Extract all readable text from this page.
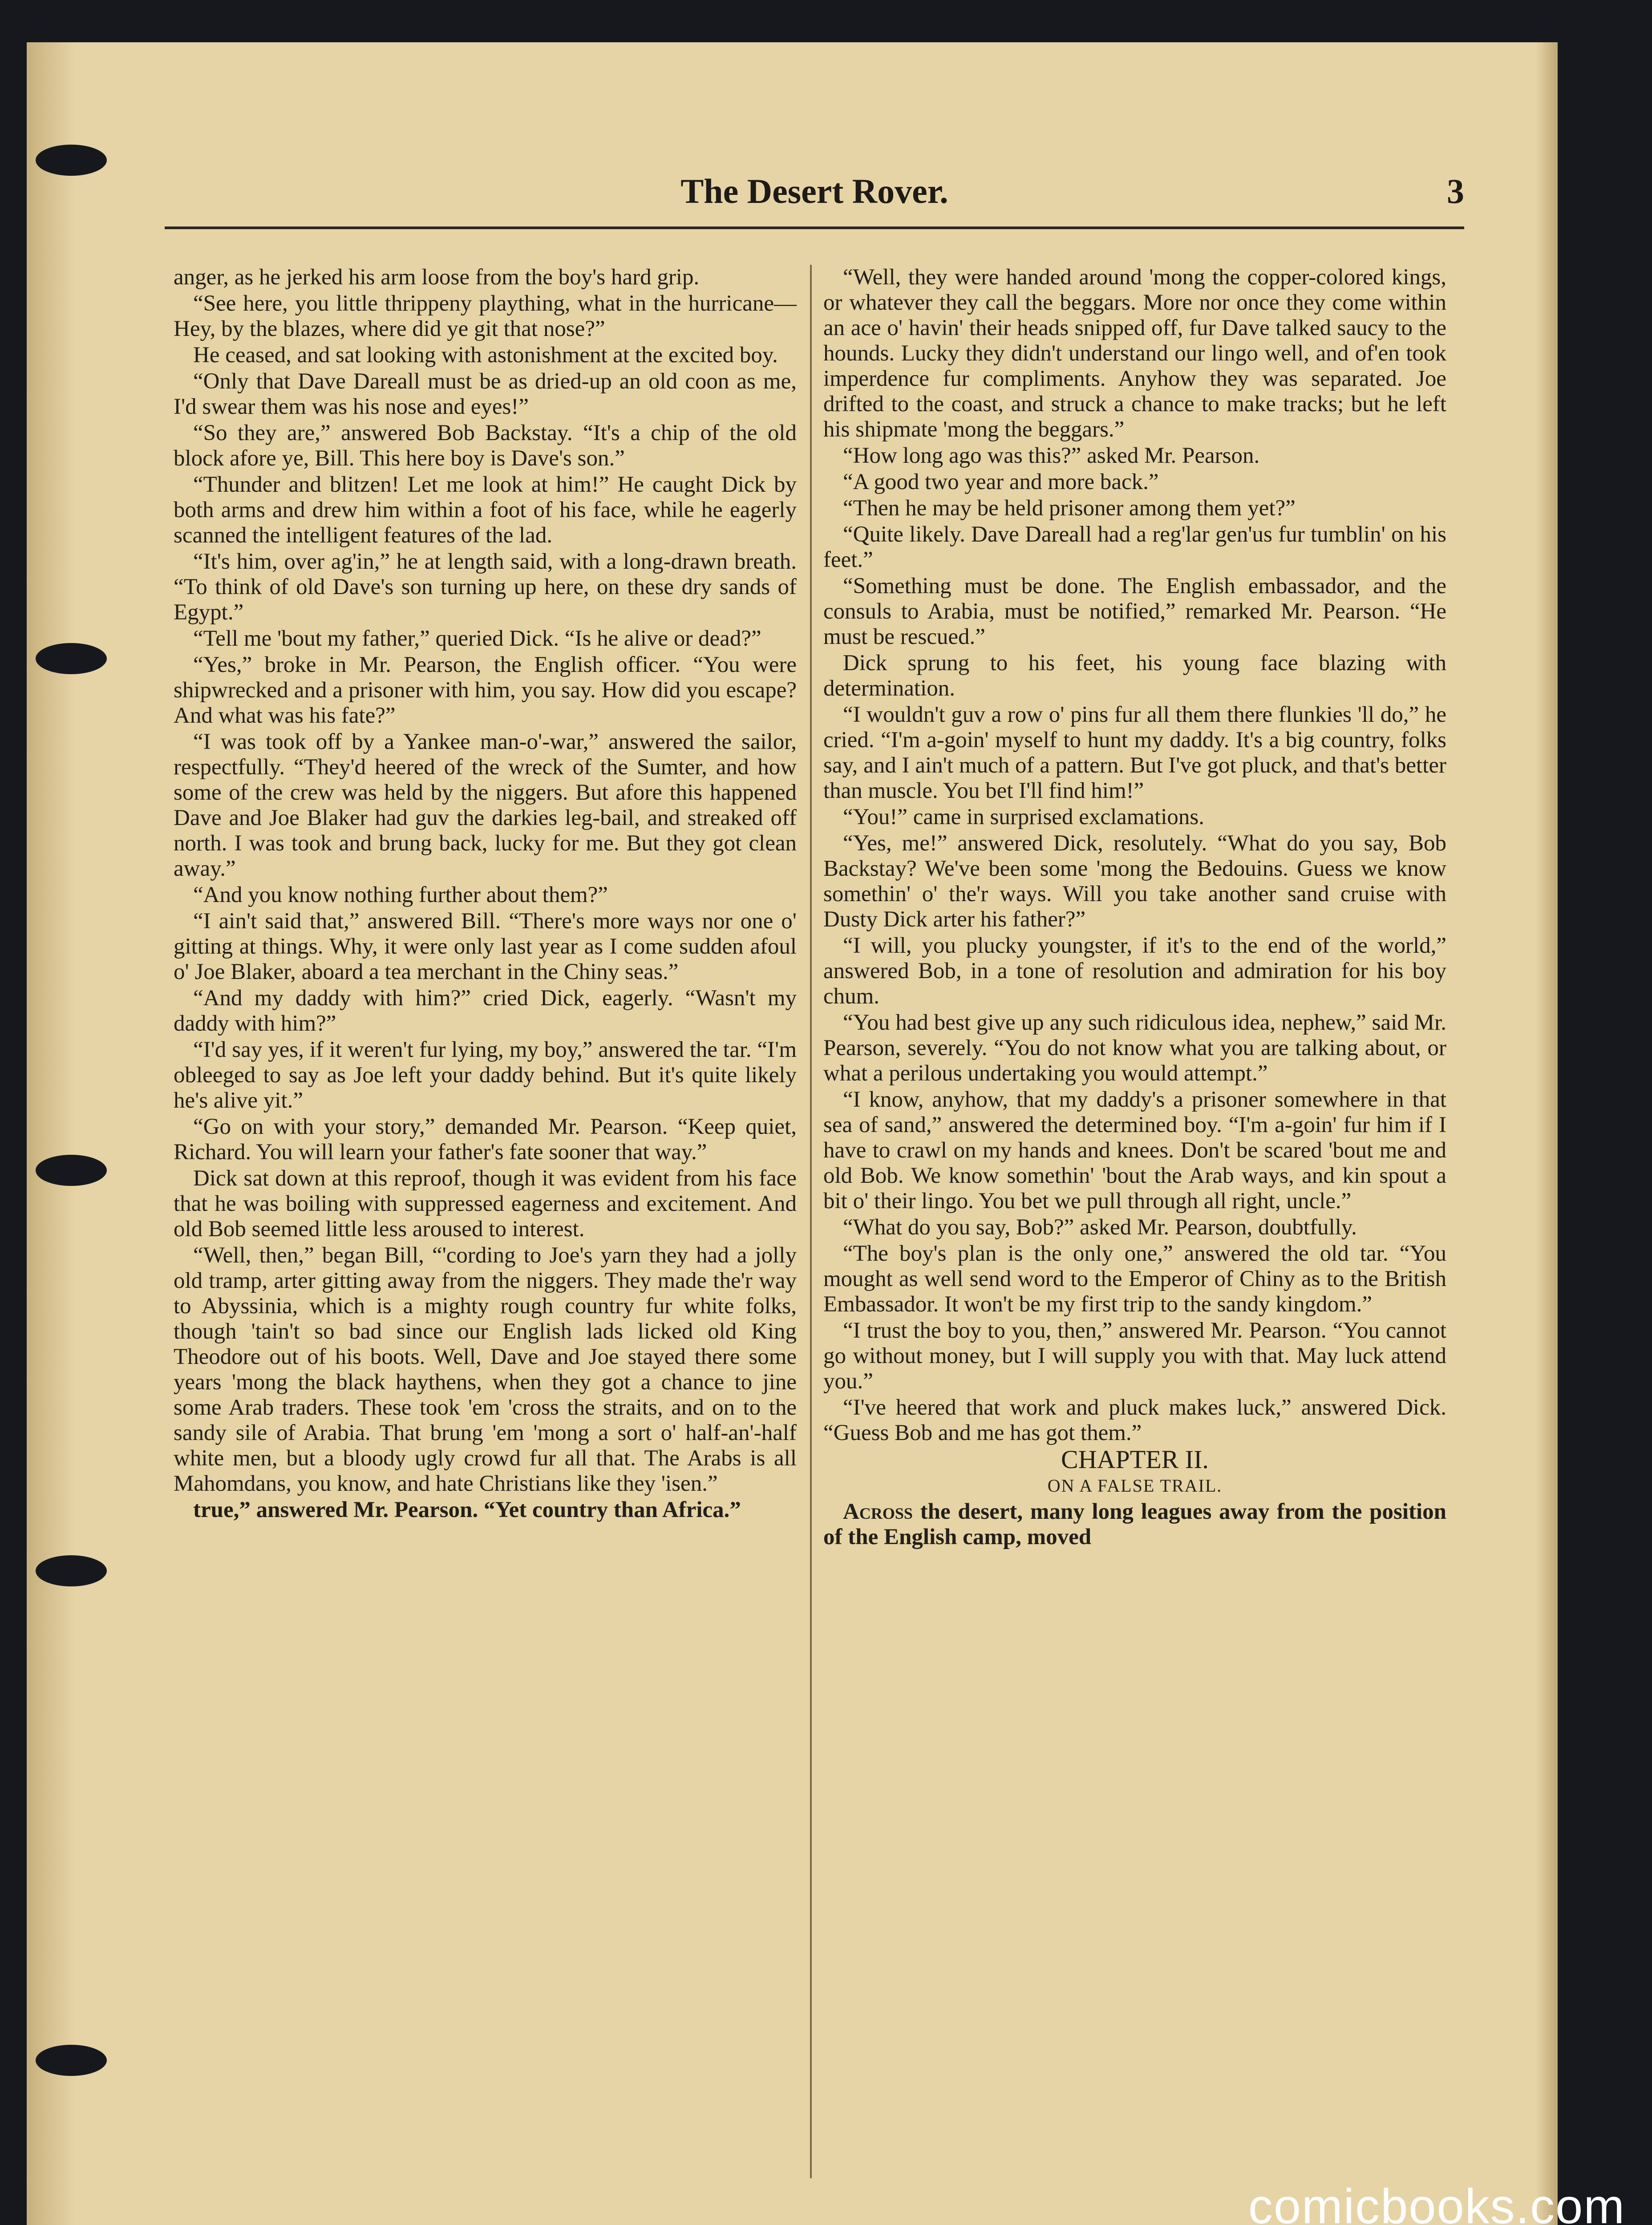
The Desert Rover.	3

anger, as he jerked his arm loose from the boy's hard grip.

“See here, you little thrippeny plaything, what in the hurricane— Hey, by the blazes, where did ye git that nose?”

He ceased, and sat looking with astonishment at the excited boy.

“Only that Dave Dareall must be as dried-up an old coon as me, I'd swear them was his nose and eyes!”

“So they are,” answered Bob Backstay. “It's a chip of the old block afore ye, Bill. This here boy is Dave's son.”

“Thunder and blitzen! Let me look at him!” He caught Dick by both arms and drew him within a foot of his face, while he eagerly scanned the intelligent features of the lad.

“It's him, over ag'in,” he at length said, with a long-drawn breath. “To think of old Dave's son turning up here, on these dry sands of Egypt.”

“Tell me 'bout my father,” queried Dick. “Is he alive or dead?”

“Yes,” broke in Mr. Pearson, the English officer. “You were shipwrecked and a prisoner with him, you say. How did you escape? And what was his fate?”

“I was took off by a Yankee man-o'-war,” answered the sailor, respectfully. “They'd heered of the wreck of the Sumter, and how some of the crew was held by the niggers. But afore this happened Dave and Joe Blaker had guv the darkies leg-bail, and streaked off north. I was took and brung back, lucky for me. But they got clean away.”

“And you know nothing further about them?”

“I ain't said that,” answered Bill. “There's more ways nor one o' gitting at things. Why, it were only last year as I come sudden afoul o' Joe Blaker, aboard a tea merchant in the Chiny seas.”

“And my daddy with him?” cried Dick, eagerly. “Wasn't my daddy with him?”

“I'd say yes, if it weren't fur lying, my boy,” answered the tar. “I'm obleeged to say as Joe left your daddy behind. But it's quite likely he's alive yit.”

“Go on with your story,” demanded Mr. Pearson. “Keep quiet, Richard. You will learn your father's fate sooner that way.”

Dick sat down at this reproof, though it was evident from his face that he was boiling with suppressed eagerness and excitement. And old Bob seemed little less aroused to interest.

“Well, then,” began Bill, “'cording to Joe's yarn they had a jolly old tramp, arter gitting away from the niggers. They made the'r way to Abyssinia, which is a mighty rough country fur white folks, though 'tain't so bad since our English lads licked old King Theodore out of his boots. Well, Dave and Joe stayed there some years 'mong the black haythens, when they got a chance to jine some Arab traders. These took 'em 'cross the straits, and on to the sandy sile of Arabia. That brung 'em 'mong a sort o' half-an'-half white men, but a bloody ugly crowd fur all that. The Arabs is all Mahomdans, you know, and hate Christians like they 'isen.”

true,” answered Mr. Pearson. “Yet country than Africa.”

“Well, they were handed around 'mong the copper-colored kings, or whatever they call the beggars. More nor once they come within an ace o' havin' their heads snipped off, fur Dave talked saucy to the hounds. Lucky they didn't understand our lingo well, and of'en took imperdence fur compliments. Anyhow they was separated. Joe drifted to the coast, and struck a chance to make tracks; but he left his shipmate 'mong the beggars.”

“How long ago was this?” asked Mr. Pearson.

“A good two year and more back.”

“Then he may be held prisoner among them yet?”

“Quite likely. Dave Dareall had a reg'lar gen'us fur tumblin' on his feet.”

“Something must be done. The English embassador, and the consuls to Arabia, must be notified,” remarked Mr. Pearson. “He must be rescued.”

Dick sprung to his feet, his young face blazing with determination.

“I wouldn't guv a row o' pins fur all them there flunkies 'll do,” he cried. “I'm a-goin' myself to hunt my daddy. It's a big country, folks say, and I ain't much of a pattern. But I've got pluck, and that's better than muscle. You bet I'll find him!”

“You!” came in surprised exclamations.

“Yes, me!” answered Dick, resolutely. “What do you say, Bob Backstay? We've been some 'mong the Bedouins. Guess we know somethin' o' the'r ways. Will you take another sand cruise with Dusty Dick arter his father?”

“I will, you plucky youngster, if it's to the end of the world,” answered Bob, in a tone of resolution and admiration for his boy chum.

“You had best give up any such ridiculous idea, nephew,” said Mr. Pearson, severely. “You do not know what you are talking about, or what a perilous undertaking you would attempt.”

“I know, anyhow, that my daddy's a prisoner somewhere in that sea of sand,” answered the determined boy. “I'm a-goin' fur him if I have to crawl on my hands and knees. Don't be scared 'bout me and old Bob. We know somethin' 'bout the Arab ways, and kin spout a bit o' their lingo. You bet we pull through all right, uncle.”

“What do you say, Bob?” asked Mr. Pearson, doubtfully.

“The boy's plan is the only one,” answered the old tar. “You mought as well send word to the Emperor of Chiny as to the British Embassador. It won't be my first trip to the sandy kingdom.”

“I trust the boy to you, then,” answered Mr. Pearson. “You cannot go without money, but I will supply you with that. May luck attend you.”

“I've heered that work and pluck makes luck,” answered Dick. “Guess Bob and me has got them.”

CHAPTER II.

ON A FALSE TRAIL.

Across the desert, many long leagues away from the position of the English camp, moved

comicbooks.com
